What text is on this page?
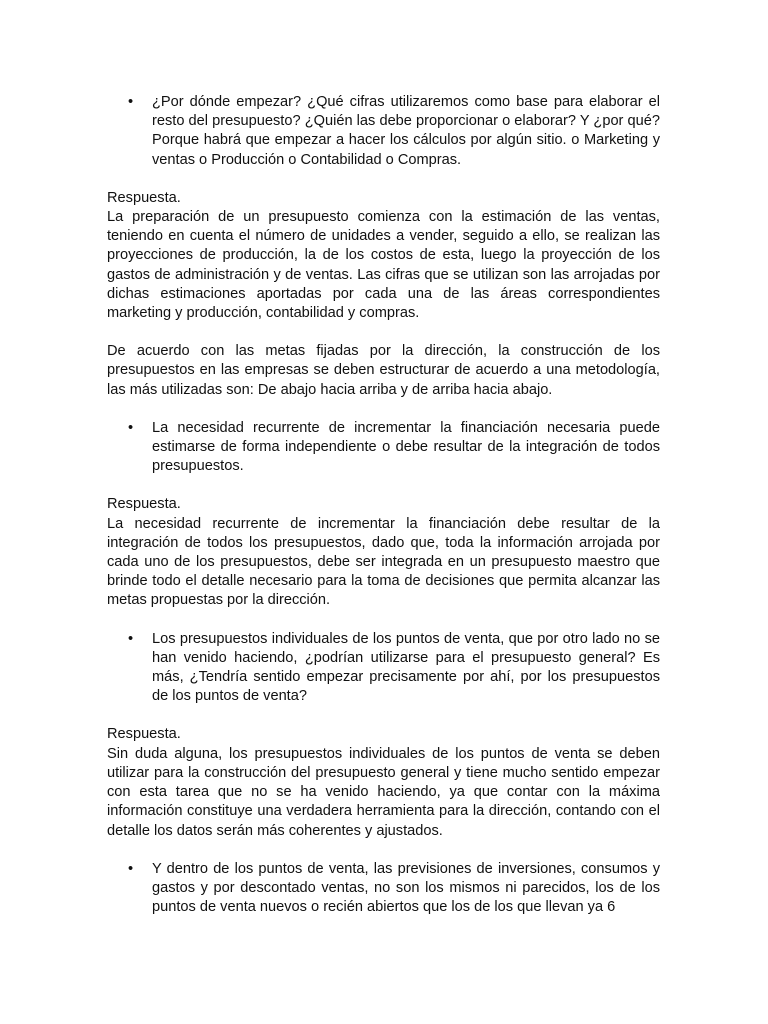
• ¿Por dónde empezar? ¿Qué cifras utilizaremos como base para elaborar el resto del presupuesto? ¿Quién las debe proporcionar o elaborar? Y ¿por qué? Porque habrá que empezar a hacer los cálculos por algún sitio. o Marketing y ventas o Producción o Contabilidad o Compras.

Respuesta.

La preparación de un presupuesto comienza con la estimación de las ventas, teniendo en cuenta el número de unidades a vender, seguido a ello, se realizan las proyecciones de producción, la de los costos de esta, luego la proyección de los gastos de administración y de ventas. Las cifras que se utilizan son las arrojadas por dichas estimaciones aportadas por cada una de las áreas correspondientes marketing y producción, contabilidad y compras.

De acuerdo con las metas fijadas por la dirección, la construcción de los presupuestos en las empresas se deben estructurar de acuerdo a una metodología, las más utilizadas son: De abajo hacia arriba y de arriba hacia abajo.

• La necesidad recurrente de incrementar la financiación necesaria puede estimarse de forma independiente o debe resultar de la integración de todos presupuestos.

Respuesta.

La necesidad recurrente de incrementar la financiación debe resultar de la integración de todos los presupuestos, dado que, toda la información arrojada por cada uno de los presupuestos, debe ser integrada en un presupuesto maestro que brinde todo el detalle necesario para la toma de decisiones que permita alcanzar las metas propuestas por la dirección.

• Los presupuestos individuales de los puntos de venta, que por otro lado no se han venido haciendo, ¿podrían utilizarse para el presupuesto general? Es más, ¿Tendría sentido empezar precisamente por ahí, por los presupuestos de los puntos de venta?

Respuesta.

Sin duda alguna, los presupuestos individuales de los puntos de venta se deben utilizar para la construcción del presupuesto general y tiene mucho sentido empezar con esta tarea que no se ha venido haciendo, ya que contar con la máxima información constituye una verdadera herramienta para la dirección, contando con el detalle los datos serán más coherentes y ajustados.

• Y dentro de los puntos de venta, las previsiones de inversiones, consumos y gastos y por descontado ventas, no son los mismos ni parecidos, los de los puntos de venta nuevos o recién abiertos que los de los que llevan ya 6
